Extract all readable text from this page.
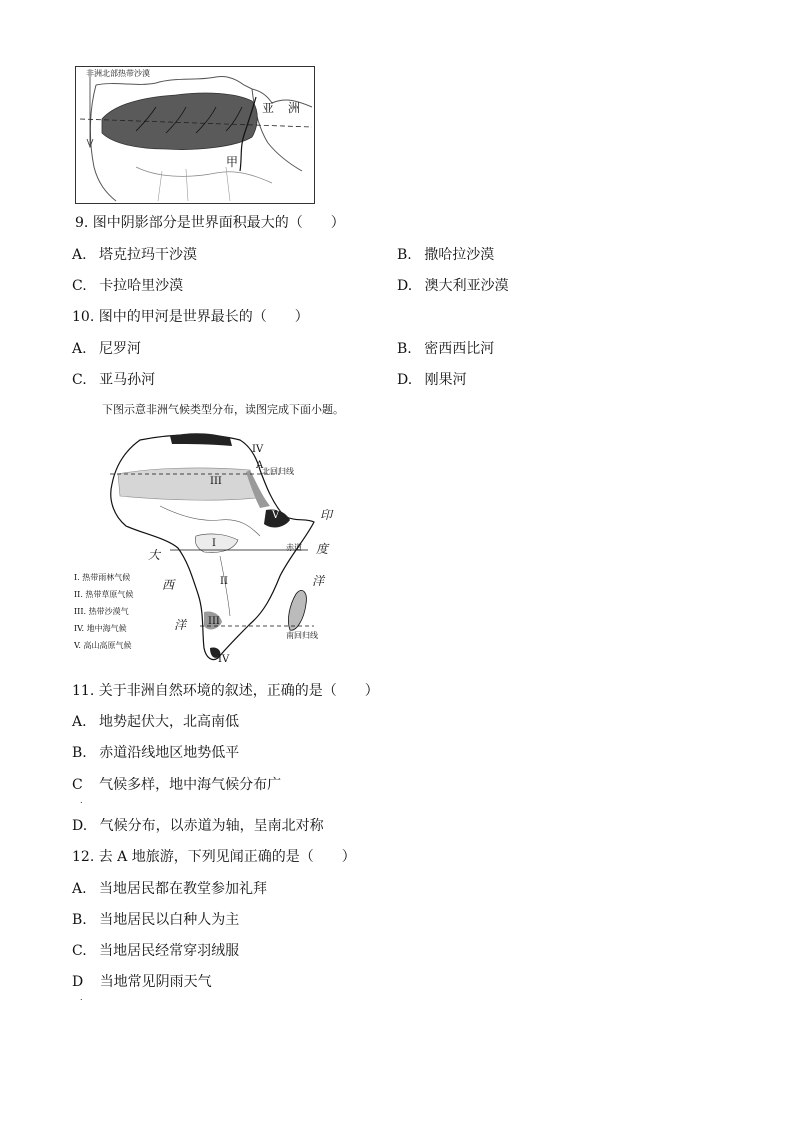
非洲北部热带沙漠
亚 洲
甲
9. 图中阴影部分是世界面积最大的（　　）
A. 塔克拉玛干沙漠	B. 撒哈拉沙漠
C. 卡拉哈里沙漠	D. 澳大利亚沙漠
10. 图中的甲河是世界最长的（　　）
A. 尼罗河	B. 密西西比河
C. 亚马孙河	D. 刚果河
下图示意非洲气候类型分布，读图完成下面小题。
IV
A
III
V
I
II
III
IV
北回归线
赤道
南回归线
印
度
洋
大
西
洋
I. 热带雨林气候
II. 热带草原气候
III. 热带沙漠气
IV. 地中海气候
V. 高山高原气候
11. 关于非洲自然环境的叙述，正确的是（　　）
A. 地势起伏大，北高南低
B. 赤道沿线地区地势低平
C 气候多样，地中海气候分布广
.
D. 气候分布，以赤道为轴，呈南北对称
12. 去 A 地旅游，下列见闻正确的是（　　）
A. 当地居民都在教堂参加礼拜
B. 当地居民以白种人为主
C. 当地居民经常穿羽绒服
D 当地常见阴雨天气
.
